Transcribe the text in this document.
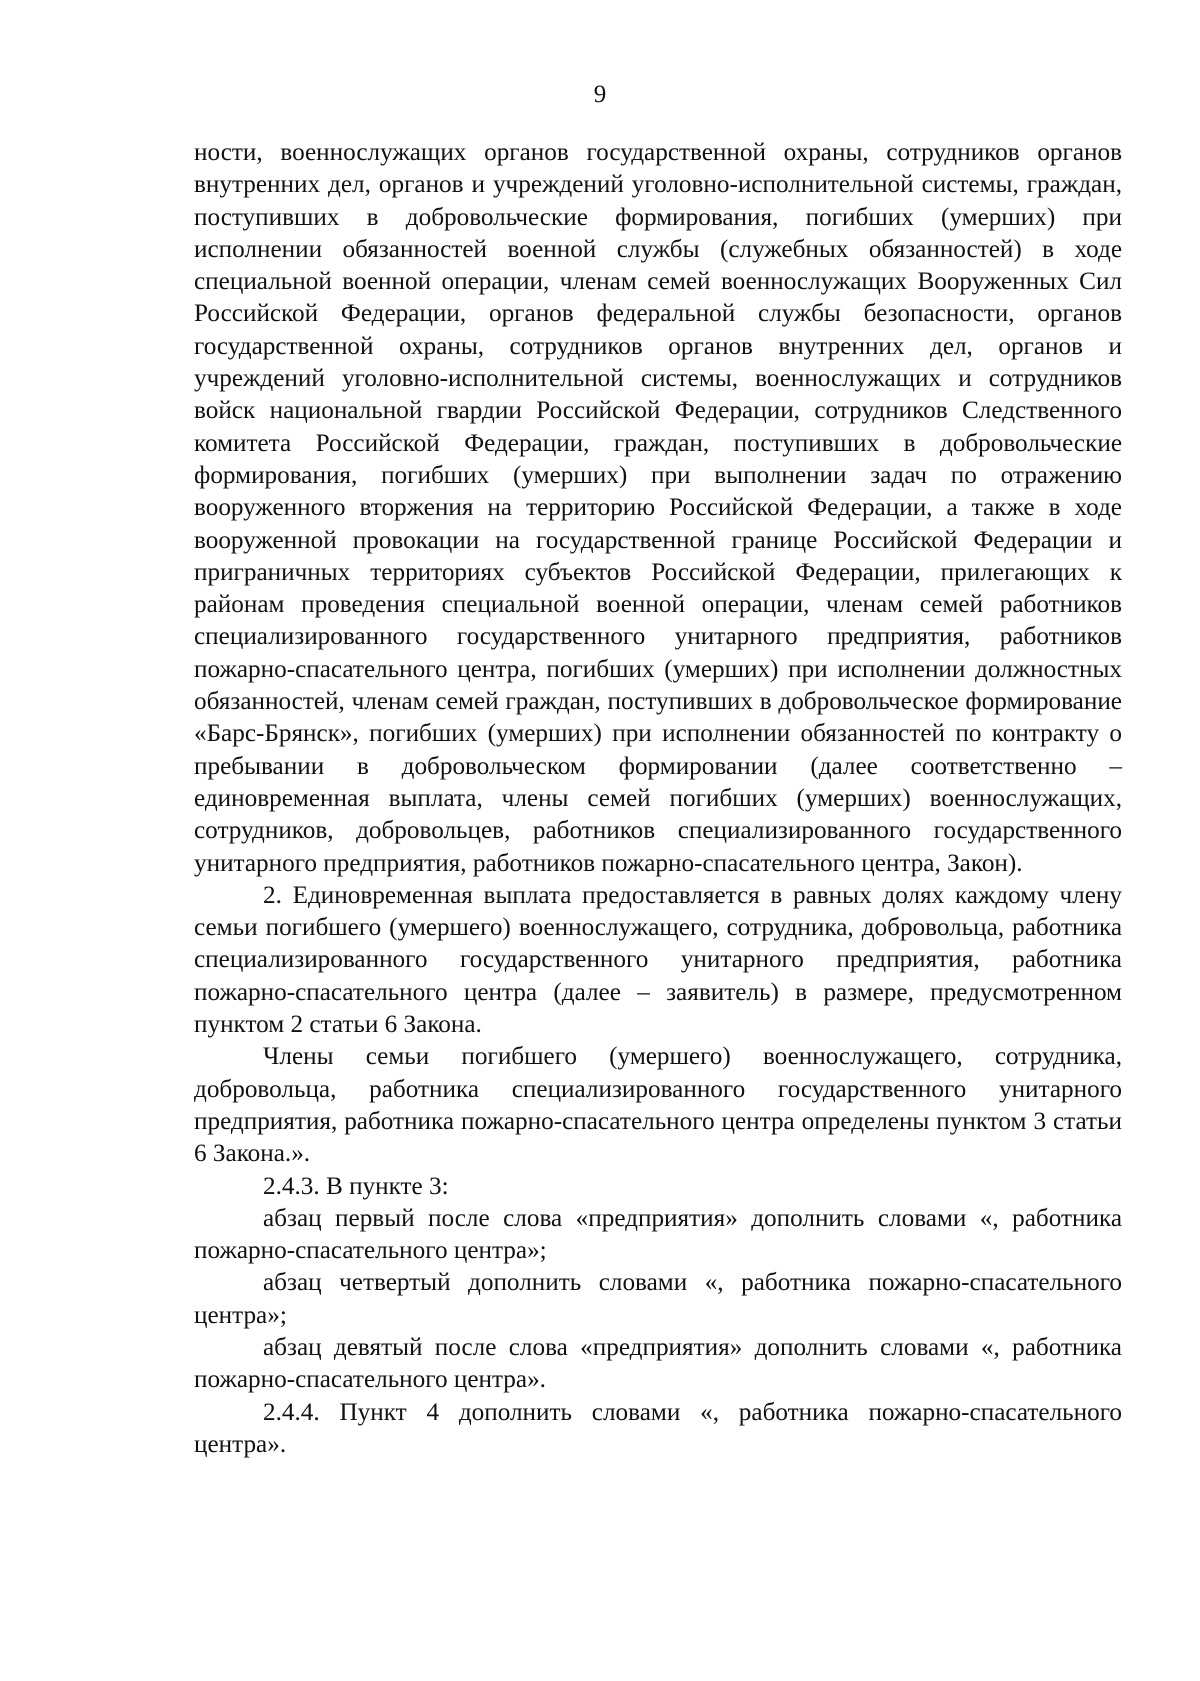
9

ности, военнослужащих органов государственной охраны, сотрудников органов внутренних дел, органов и учреждений уголовно-исполнительной системы, граждан, поступивших в добровольческие формирования, погибших (умерших) при исполнении обязанностей военной службы (служебных обязанностей) в ходе специальной военной операции, членам семей военнослужащих Вооруженных Сил Российской Федерации, органов федеральной службы безопасности, органов государственной охраны, сотрудников органов внутренних дел, органов и учреждений уголовно-исполнительной системы, военнослужащих и сотрудников войск национальной гвардии Российской Федерации, сотрудников Следственного комитета Российской Федерации, граждан, поступивших в добровольческие формирования, погибших (умерших) при выполнении задач по отражению вооруженного вторжения на территорию Российской Федерации, а также в ходе вооруженной провокации на государственной границе Российской Федерации и приграничных территориях субъектов Российской Федерации, прилегающих к районам проведения специальной военной операции, членам семей работников специализированного государственного унитарного предприятия, работников пожарно-спасательного центра, погибших (умерших) при исполнении должностных обязанностей, членам семей граждан, поступивших в добровольческое формирование «Барс-Брянск», погибших (умерших) при исполнении обязанностей по контракту о пребывании в добровольческом формировании (далее соответственно – единовременная выплата, члены семей погибших (умерших) военнослужащих, сотрудников, добровольцев, работников специализированного государственного унитарного предприятия, работников пожарно-спасательного центра, Закон).

2. Единовременная выплата предоставляется в равных долях каждому члену семьи погибшего (умершего) военнослужащего, сотрудника, добровольца, работника специализированного государственного унитарного предприятия, работника пожарно-спасательного центра (далее – заявитель) в размере, предусмотренном пунктом 2 статьи 6 Закона.

Члены семьи погибшего (умершего) военнослужащего, сотрудника, добровольца, работника специализированного государственного унитарного предприятия, работника пожарно-спасательного центра определены пунктом 3 статьи 6 Закона.».

2.4.3. В пункте 3:

абзац первый после слова «предприятия» дополнить словами «, работника пожарно-спасательного центра»;

абзац четвертый дополнить словами «, работника пожарно-спасательного центра»;

абзац девятый после слова «предприятия» дополнить словами «, работника пожарно-спасательного центра».

2.4.4. Пункт 4 дополнить словами «, работника пожарно-спасательного центра».
